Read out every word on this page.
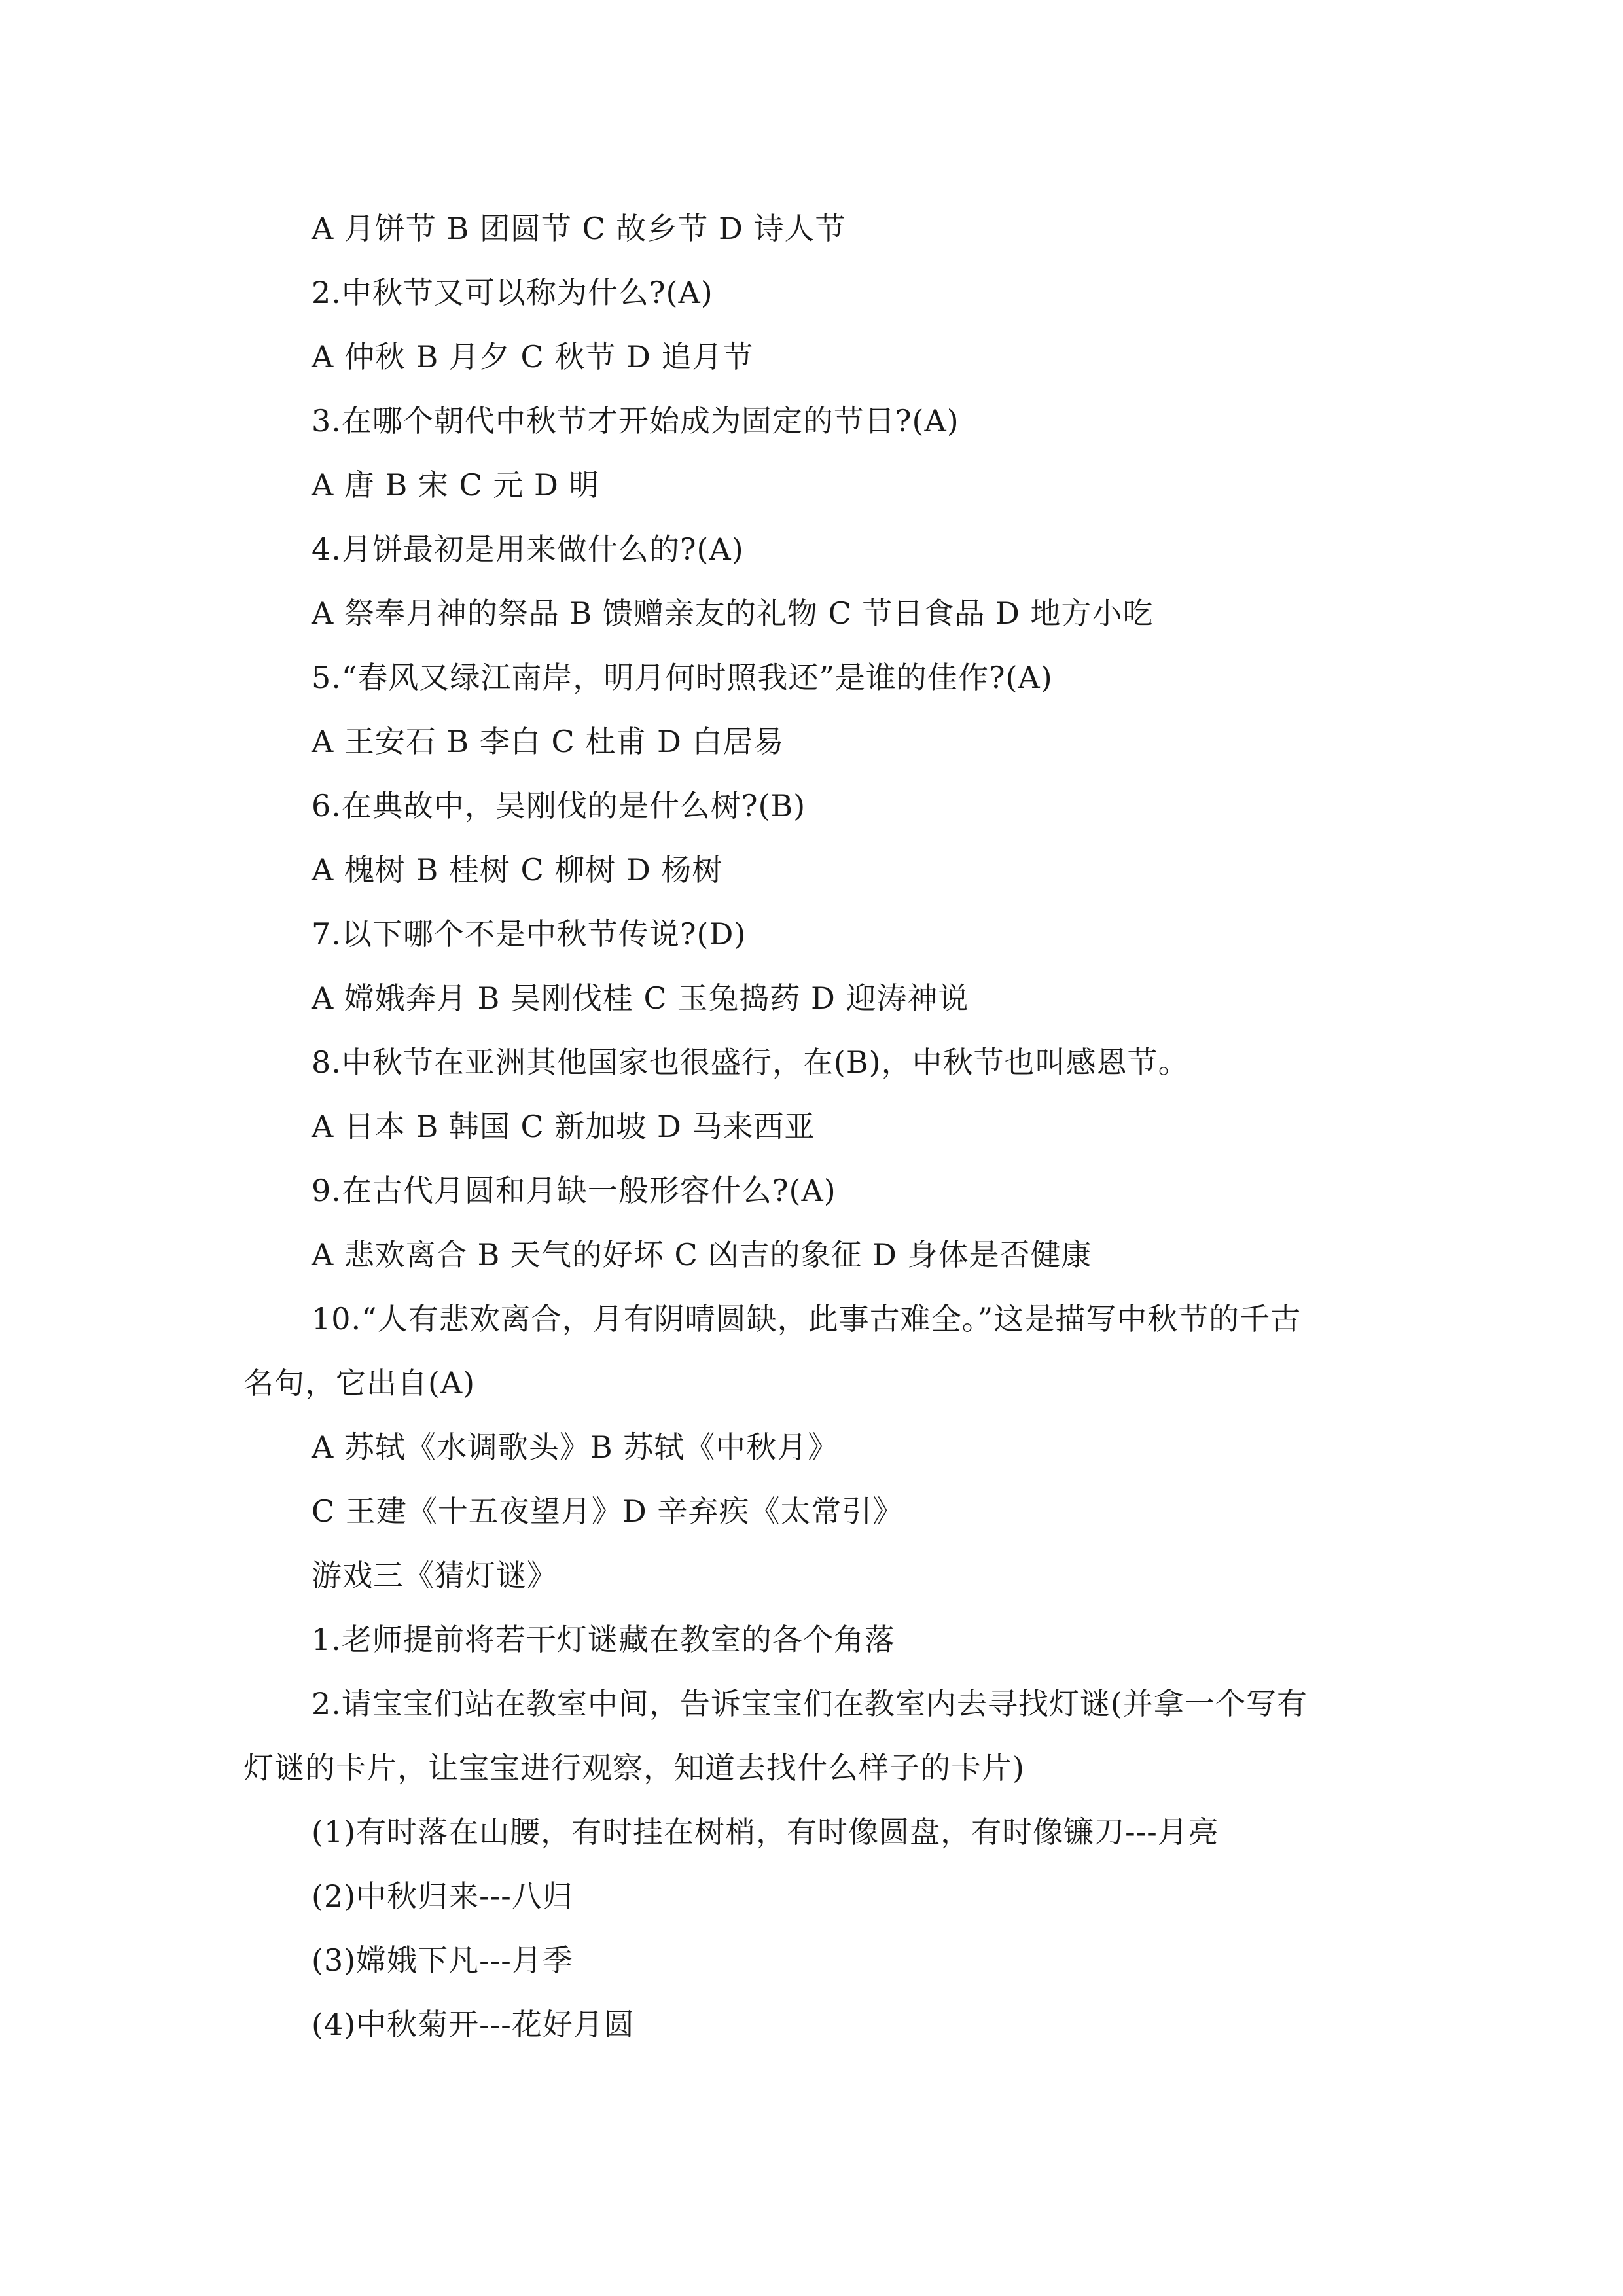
A 月饼节 B 团圆节 C 故乡节 D 诗人节
2.中秋节又可以称为什么?(A)
A 仲秋 B 月夕 C 秋节 D 追月节
3.在哪个朝代中秋节才开始成为固定的节日?(A)
A 唐 B 宋 C 元 D 明
4.月饼最初是用来做什么的?(A)
A 祭奉月神的祭品 B 馈赠亲友的礼物 C 节日食品 D 地方小吃
5.“春风又绿江南岸，明月何时照我还”是谁的佳作?(A)
A 王安石 B 李白 C 杜甫 D 白居易
6.在典故中，吴刚伐的是什么树?(B)
A 槐树 B 桂树 C 柳树 D 杨树
7.以下哪个不是中秋节传说?(D)
A 嫦娥奔月 B 吴刚伐桂 C 玉兔捣药 D 迎涛神说
8.中秋节在亚洲其他国家也很盛行，在(B)，中秋节也叫感恩节。
A 日本 B 韩国 C 新加坡 D 马来西亚
9.在古代月圆和月缺一般形容什么?(A)
A 悲欢离合 B 天气的好坏 C 凶吉的象征 D 身体是否健康
10.“人有悲欢离合，月有阴晴圆缺，此事古难全。”这是描写中秋节的千古
名句，它出自(A)
A 苏轼《水调歌头》B 苏轼《中秋月》
C 王建《十五夜望月》D 辛弃疾《太常引》
游戏三《猜灯谜》
1.老师提前将若干灯谜藏在教室的各个角落
2.请宝宝们站在教室中间，告诉宝宝们在教室内去寻找灯谜(并拿一个写有
灯谜的卡片，让宝宝进行观察，知道去找什么样子的卡片)
(1)有时落在山腰，有时挂在树梢，有时像圆盘，有时像镰刀---月亮
(2)中秋归来---八归
(3)嫦娥下凡---月季
(4)中秋菊开---花好月圆
